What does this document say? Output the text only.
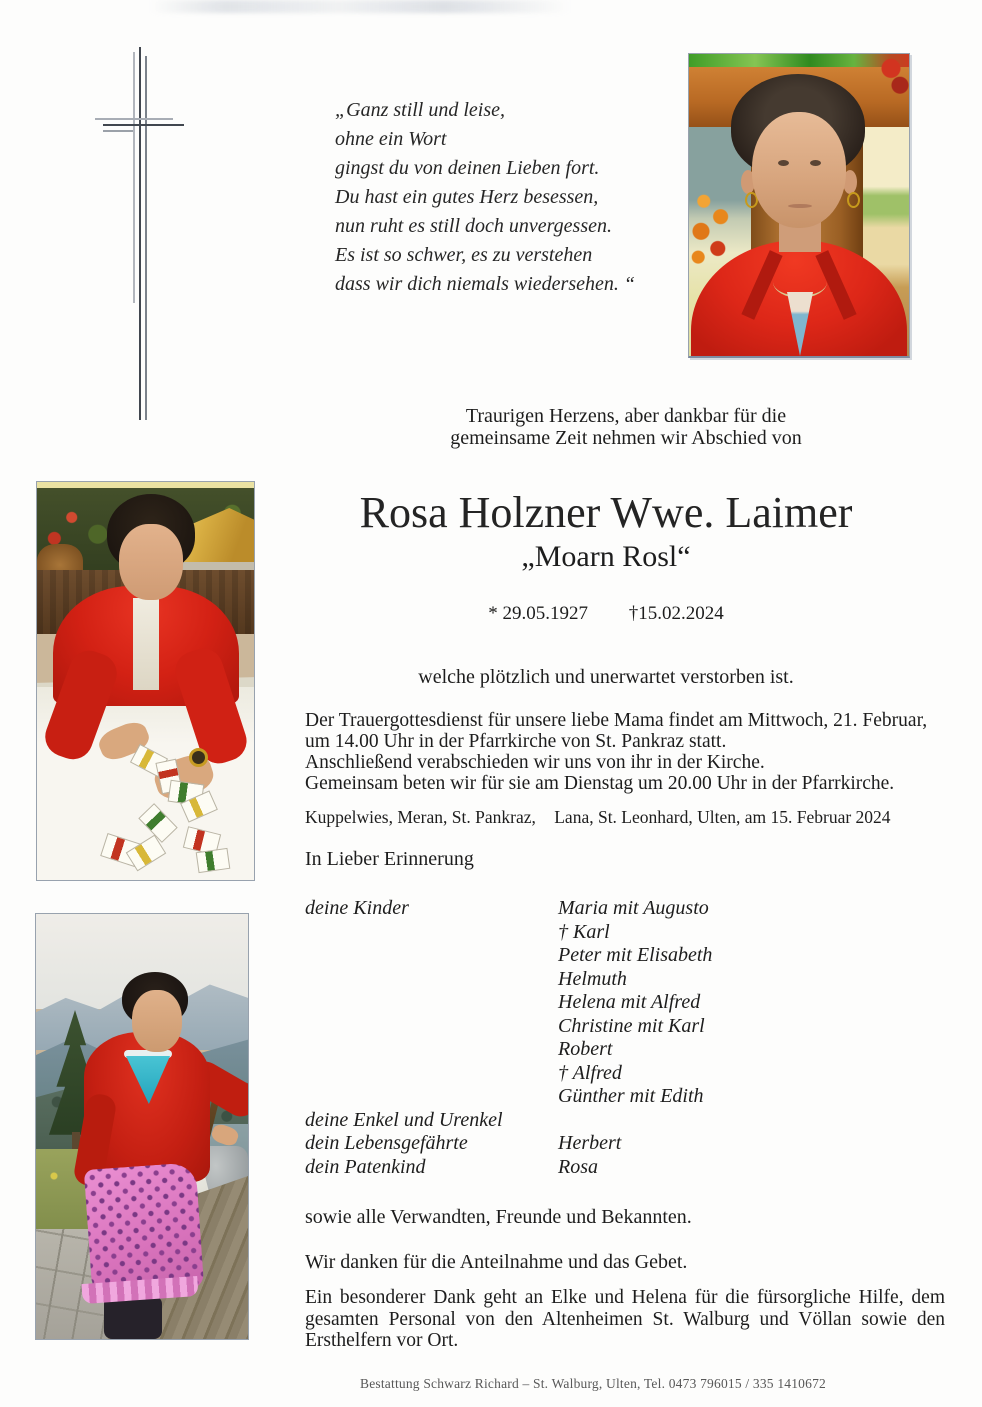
„Ganz still und leise,
ohne ein Wort
gingst du von deinen Lieben fort.
Du hast ein gutes Herz besessen,
nun ruht es still doch unvergessen.
Es ist so schwer, es zu verstehen
dass wir dich niemals wiedersehen. “
Traurigen Herzens, aber dankbar für die
gemeinsame Zeit nehmen wir Abschied von
Rosa Holzner Wwe. Laimer
„Moarn Rosl“
* 29.05.1927 †15.02.2024
welche plötzlich und unerwartet verstorben ist.
Der Trauergottesdienst für unsere liebe Mama findet am Mittwoch, 21. Februar,
um 14.00 Uhr in der Pfarrkirche von St. Pankraz statt.
Anschließend verabschieden wir uns von ihr in der Kirche.
Gemeinsam beten wir für sie am Dienstag um 20.00 Uhr in der Pfarrkirche.
Kuppelwies, Meran, St. Pankraz, Lana, St. Leonhard, Ulten, am 15. Februar 2024
In Lieber Erinnerung
deine Kinder	Maria mit Augusto
† Karl
Peter mit Elisabeth
Helmuth
Helena mit Alfred
Christine mit Karl
Robert
† Alfred
Günther mit Edith
deine Enkel und Urenkel
dein Lebensgefährte	Herbert
dein Patenkind	Rosa
sowie alle Verwandten, Freunde und Bekannten.
Wir danken für die Anteilnahme und das Gebet.
Ein besonderer Dank geht an Elke und Helena für die fürsorgliche Hilfe, dem
gesamten Personal von den Altenheimen St. Walburg und Völlan sowie den
Ersthelfern vor Ort.
Bestattung Schwarz Richard – St. Walburg, Ulten, Tel. 0473 796015 / 335 1410672
